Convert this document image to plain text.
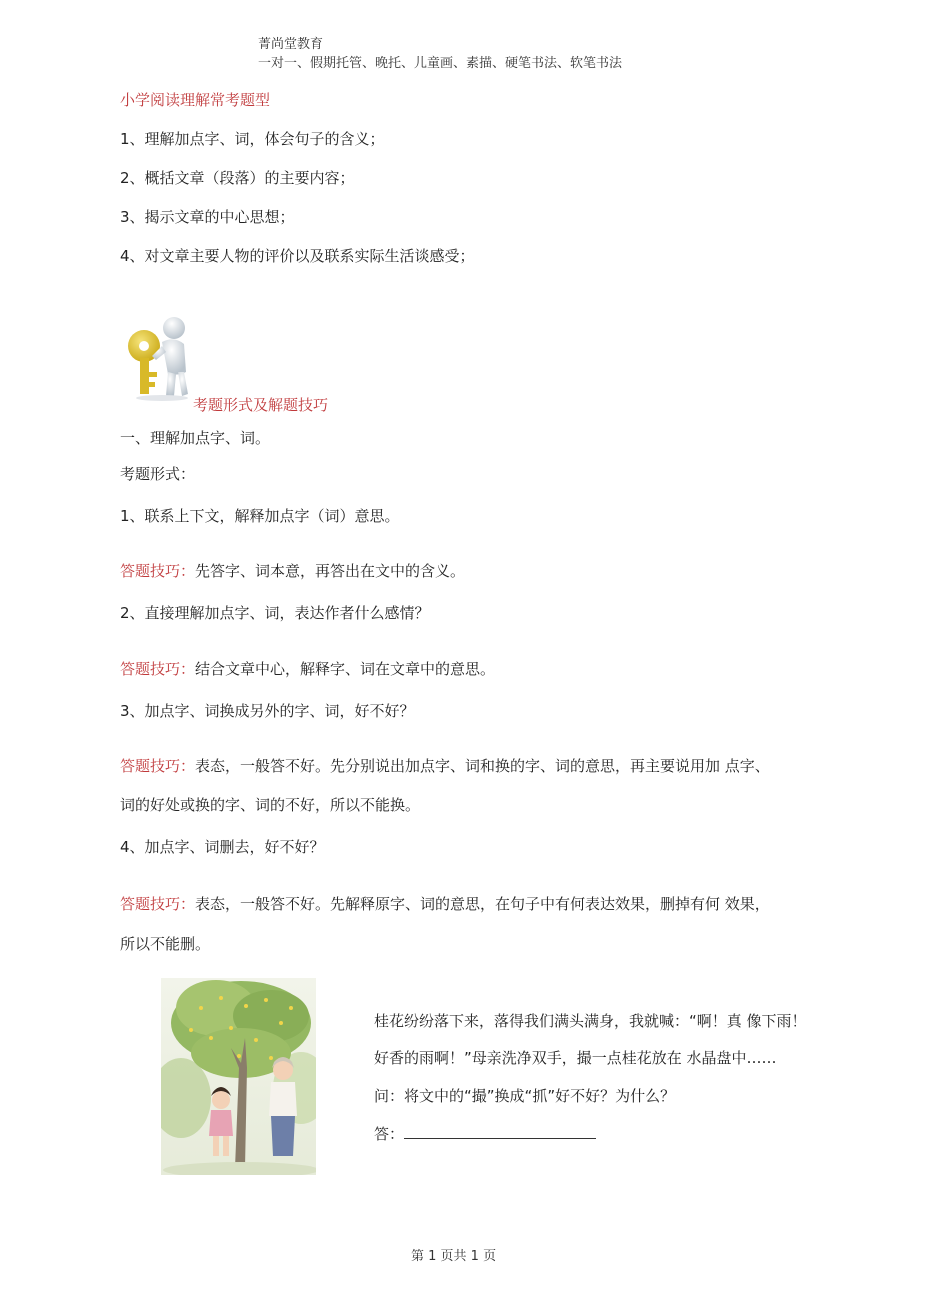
菁尚堂教育
一对一、假期托管、晚托、儿童画、素描、硬笔书法、软笔书法
小学阅读理解常考题型
1、理解加点字、词，体会句子的含义；
2、概括文章（段落）的主要内容；
3、揭示文章的中心思想；
4、对文章主要人物的评价以及联系实际生活谈感受；
考题形式及解题技巧
一、理解加点字、词。
考题形式：
1、联系上下文，解释加点字（词）意思。
答题技巧：先答字、词本意，再答出在文中的含义。
2、直接理解加点字、词，表达作者什么感情？
答题技巧：结合文章中心，解释字、词在文章中的意思。
3、加点字、词换成另外的字、词，好不好？
答题技巧：表态，一般答不好。先分别说出加点字、词和换的字、词的意思，再主要说用加 点字、
词的好处或换的字、词的不好，所以不能换。
4、加点字、词删去，好不好？
答题技巧：表态，一般答不好。先解释原字、词的意思，在句子中有何表达效果，删掉有何 效果，
所以不能删。
桂花纷纷落下来，落得我们满头满身，我就喊：“啊！真 像下雨！
好香的雨啊！”母亲洗净双手，撮一点桂花放在 水晶盘中……
问：将文中的“撮”换成“抓”好不好？为什么？
答：
第 1 页共 1 页
